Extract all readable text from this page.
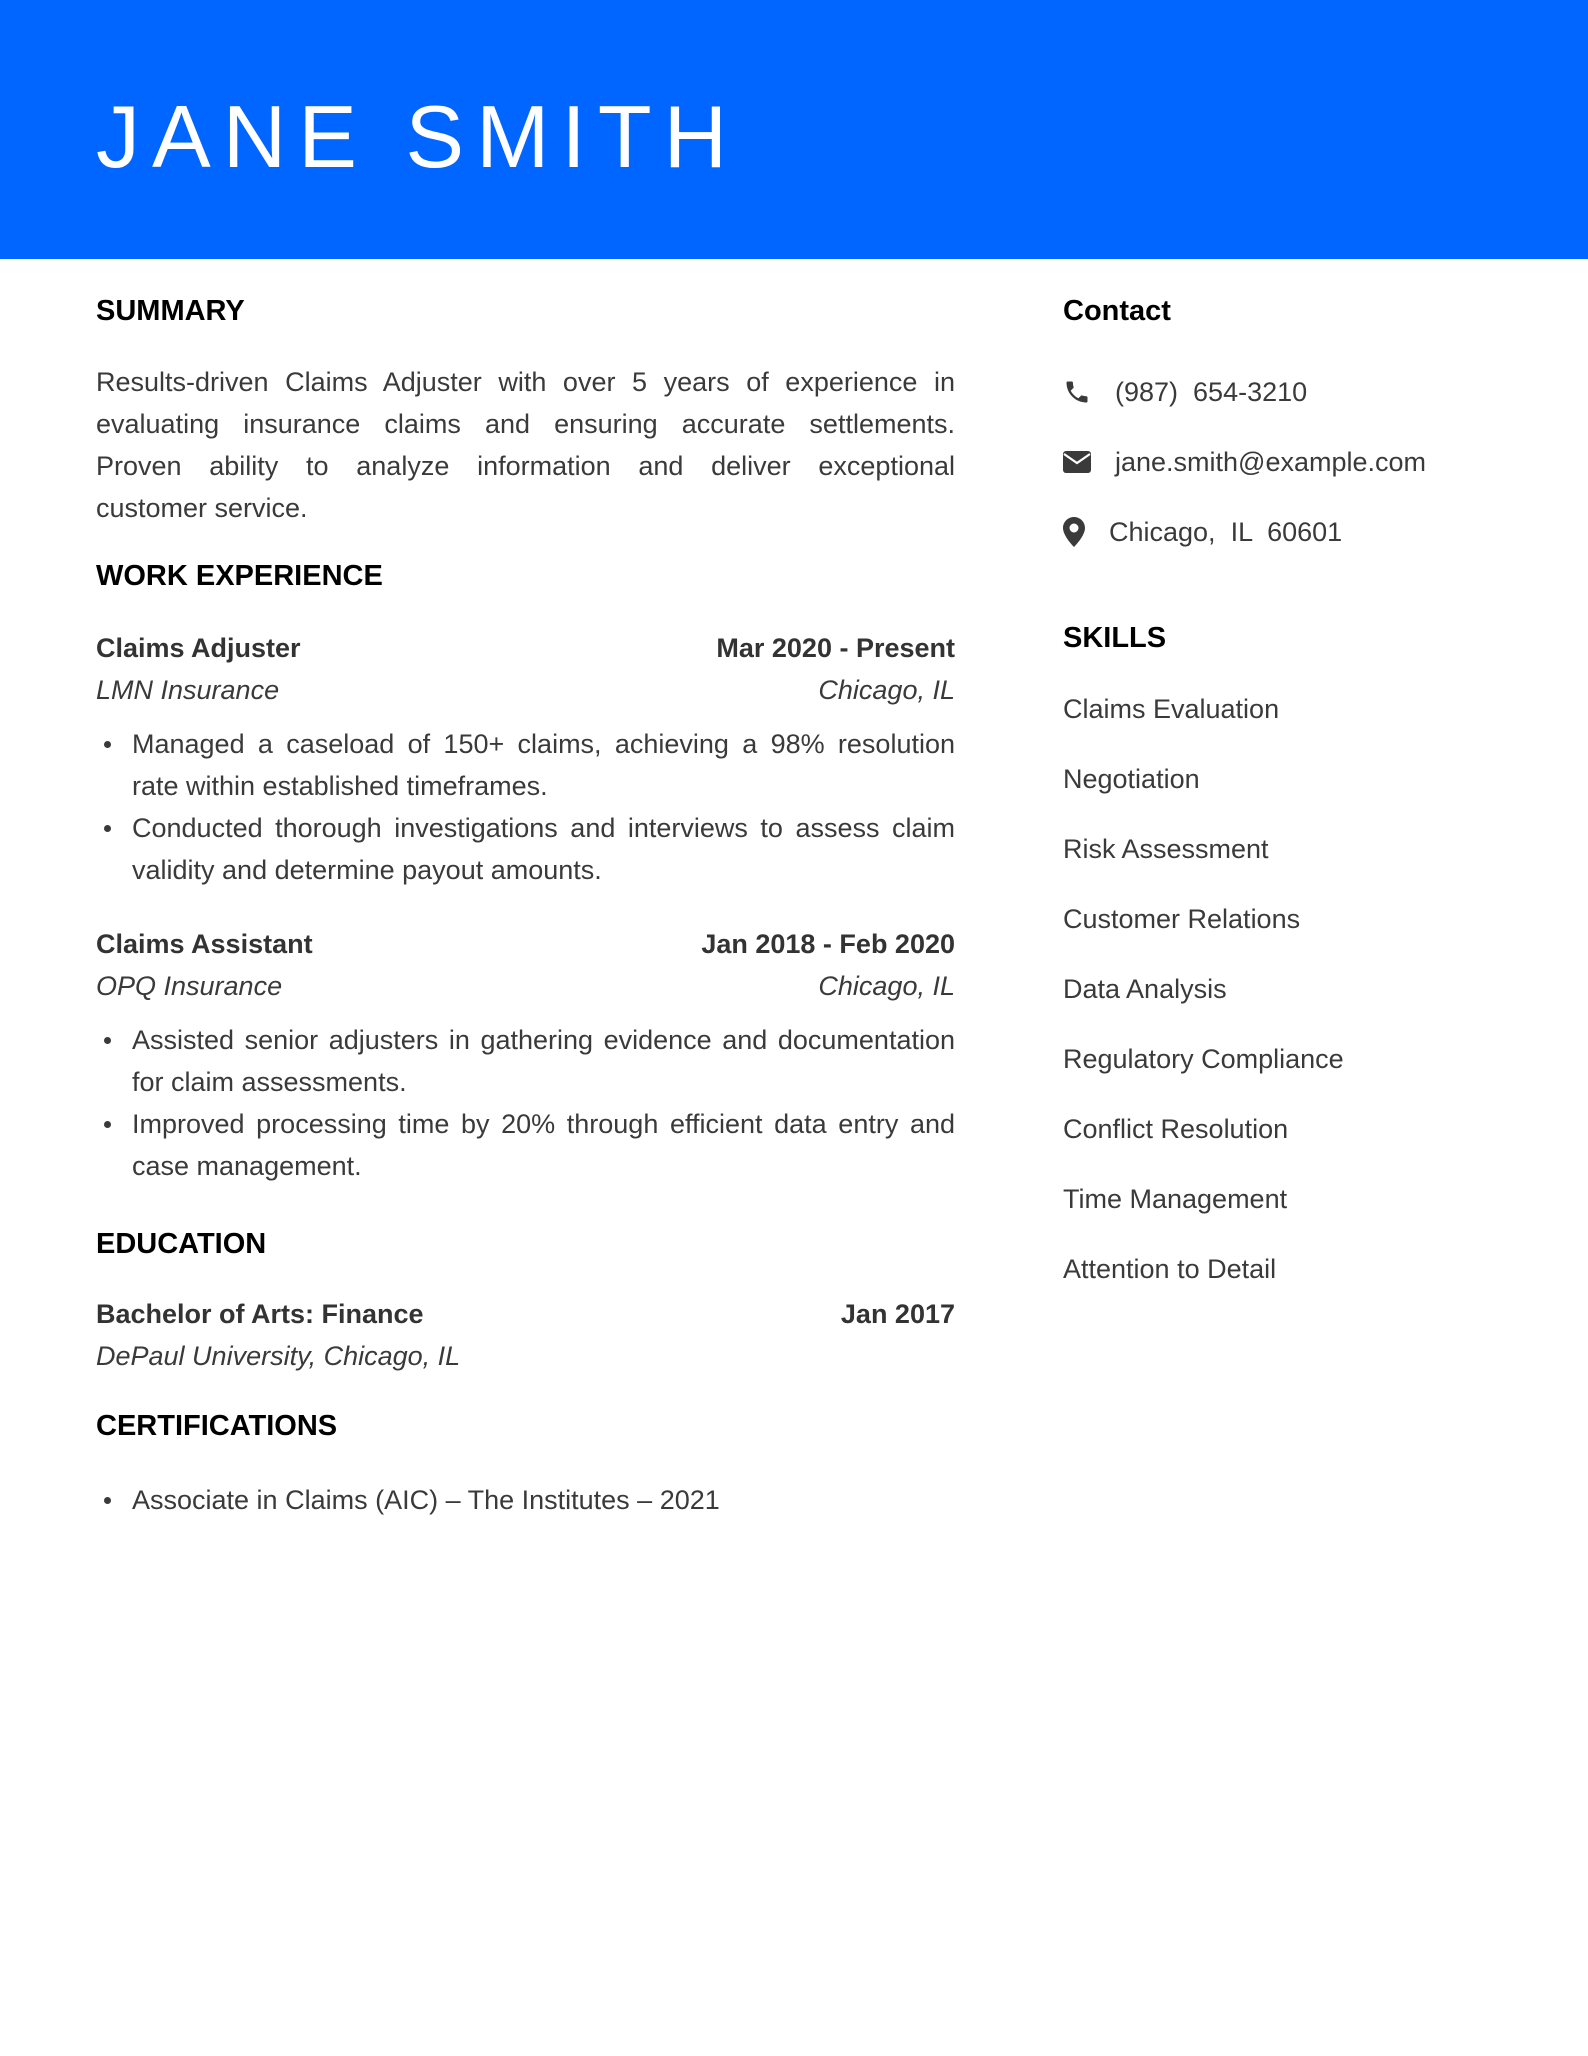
JANE SMITH
SUMMARY
Results-driven Claims Adjuster with over 5 years of experience in
evaluating insurance claims and ensuring accurate settlements.
Proven ability to analyze information and deliver exceptional
customer service.
WORK EXPERIENCE
Claims Adjuster	Mar 2020 - Present
LMN Insurance	Chicago, IL
Managed a caseload of 150+ claims, achieving a 98% resolution rate within established timeframes.
Conducted thorough investigations and interviews to assess claim validity and determine payout amounts.
Claims Assistant	Jan 2018 - Feb 2020
OPQ Insurance	Chicago, IL
Assisted senior adjusters in gathering evidence and documentation for claim assessments.
Improved processing time by 20% through efficient data entry and case management.
EDUCATION
Bachelor of Arts: Finance	Jan 2017
DePaul University, Chicago, IL
CERTIFICATIONS
Associate in Claims (AIC) – The Institutes – 2021
Contact
(987)  654-3210
jane.smith@example.com
Chicago,  IL  60601
SKILLS
Claims Evaluation
Negotiation
Risk Assessment
Customer Relations
Data Analysis
Regulatory Compliance
Conflict Resolution
Time Management
Attention to Detail
